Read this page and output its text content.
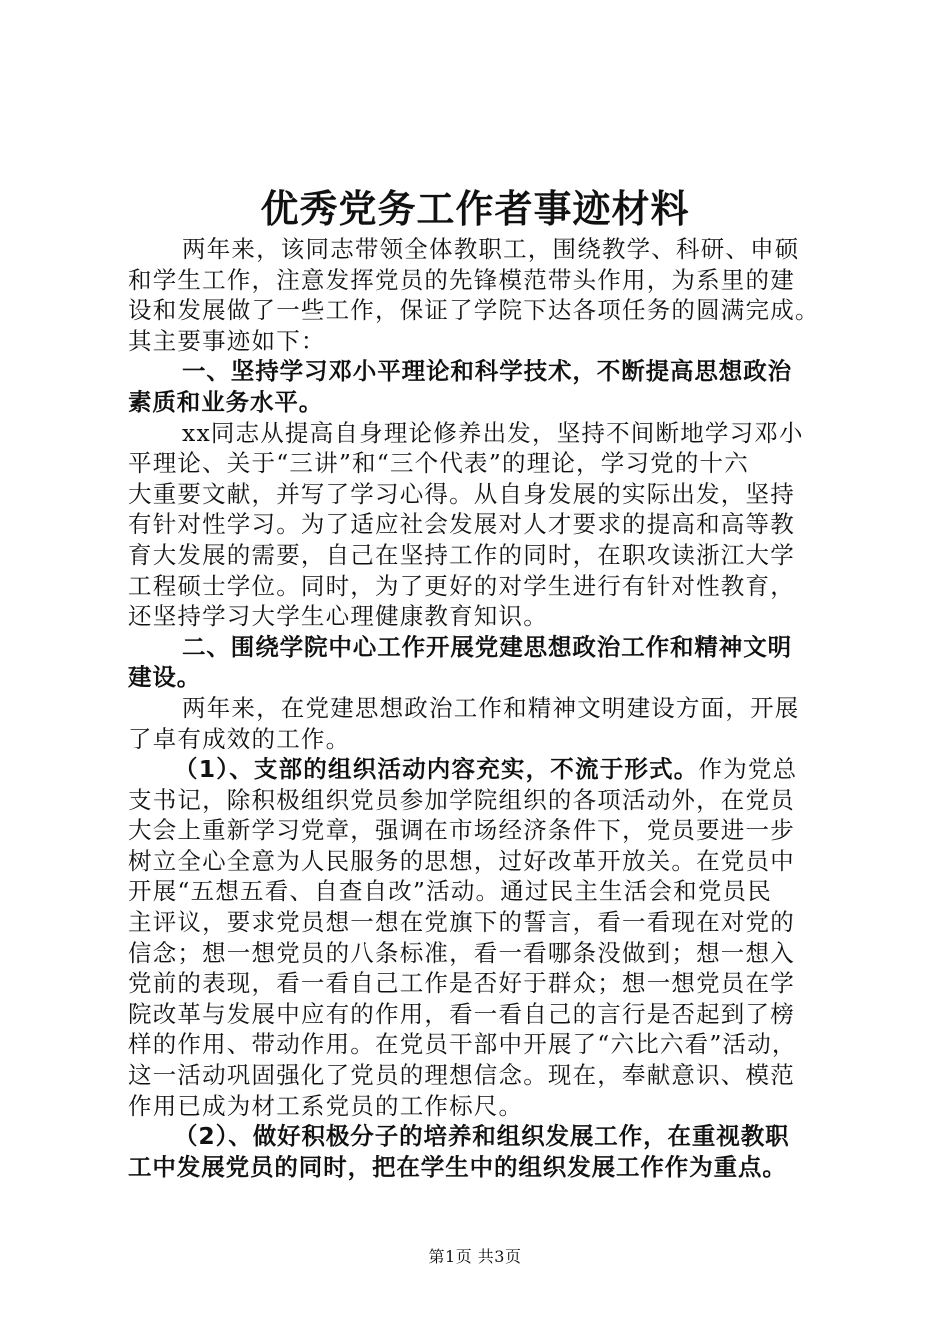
优秀党务工作者事迹材料

两年来，该同志带领全体教职工，围绕教学、科研、申硕
和学生工作，注意发挥党员的先锋模范带头作用，为系里的建
设和发展做了一些工作，保证了学院下达各项任务的圆满完成。
其主要事迹如下：

一、坚持学习邓小平理论和科学技术，不断提高思想政治
素质和业务水平。

xx同志从提高自身理论修养出发，坚持不间断地学习邓小
平理论、关于“三讲”和“三个代表”的理论，学习党的十六
大重要文献，并写了学习心得。从自身发展的实际出发，坚持
有针对性学习。为了适应社会发展对人才要求的提高和高等教
育大发展的需要，自己在坚持工作的同时，在职攻读浙江大学
工程硕士学位。同时，为了更好的对学生进行有针对性教育，
还坚持学习大学生心理健康教育知识。

二、围绕学院中心工作开展党建思想政治工作和精神文明
建设。

两年来，在党建思想政治工作和精神文明建设方面，开展
了卓有成效的工作。

（1）、支部的组织活动内容充实，不流于形式。作为党总
支书记，除积极组织党员参加学院组织的各项活动外，在党员
大会上重新学习党章，强调在市场经济条件下，党员要进一步
树立全心全意为人民服务的思想，过好改革开放关。在党员中
开展“五想五看、自查自改”活动。通过民主生活会和党员民
主评议，要求党员想一想在党旗下的誓言，看一看现在对党的
信念；想一想党员的八条标准，看一看哪条没做到；想一想入
党前的表现，看一看自己工作是否好于群众；想一想党员在学
院改革与发展中应有的作用，看一看自己的言行是否起到了榜
样的作用、带动作用。在党员干部中开展了“六比六看”活动，
这一活动巩固强化了党员的理想信念。现在，奉献意识、模范
作用已成为材工系党员的工作标尺。

（2）、做好积极分子的培养和组织发展工作，在重视教职
工中发展党员的同时，把在学生中的组织发展工作作为重点。

第1页 共3页
